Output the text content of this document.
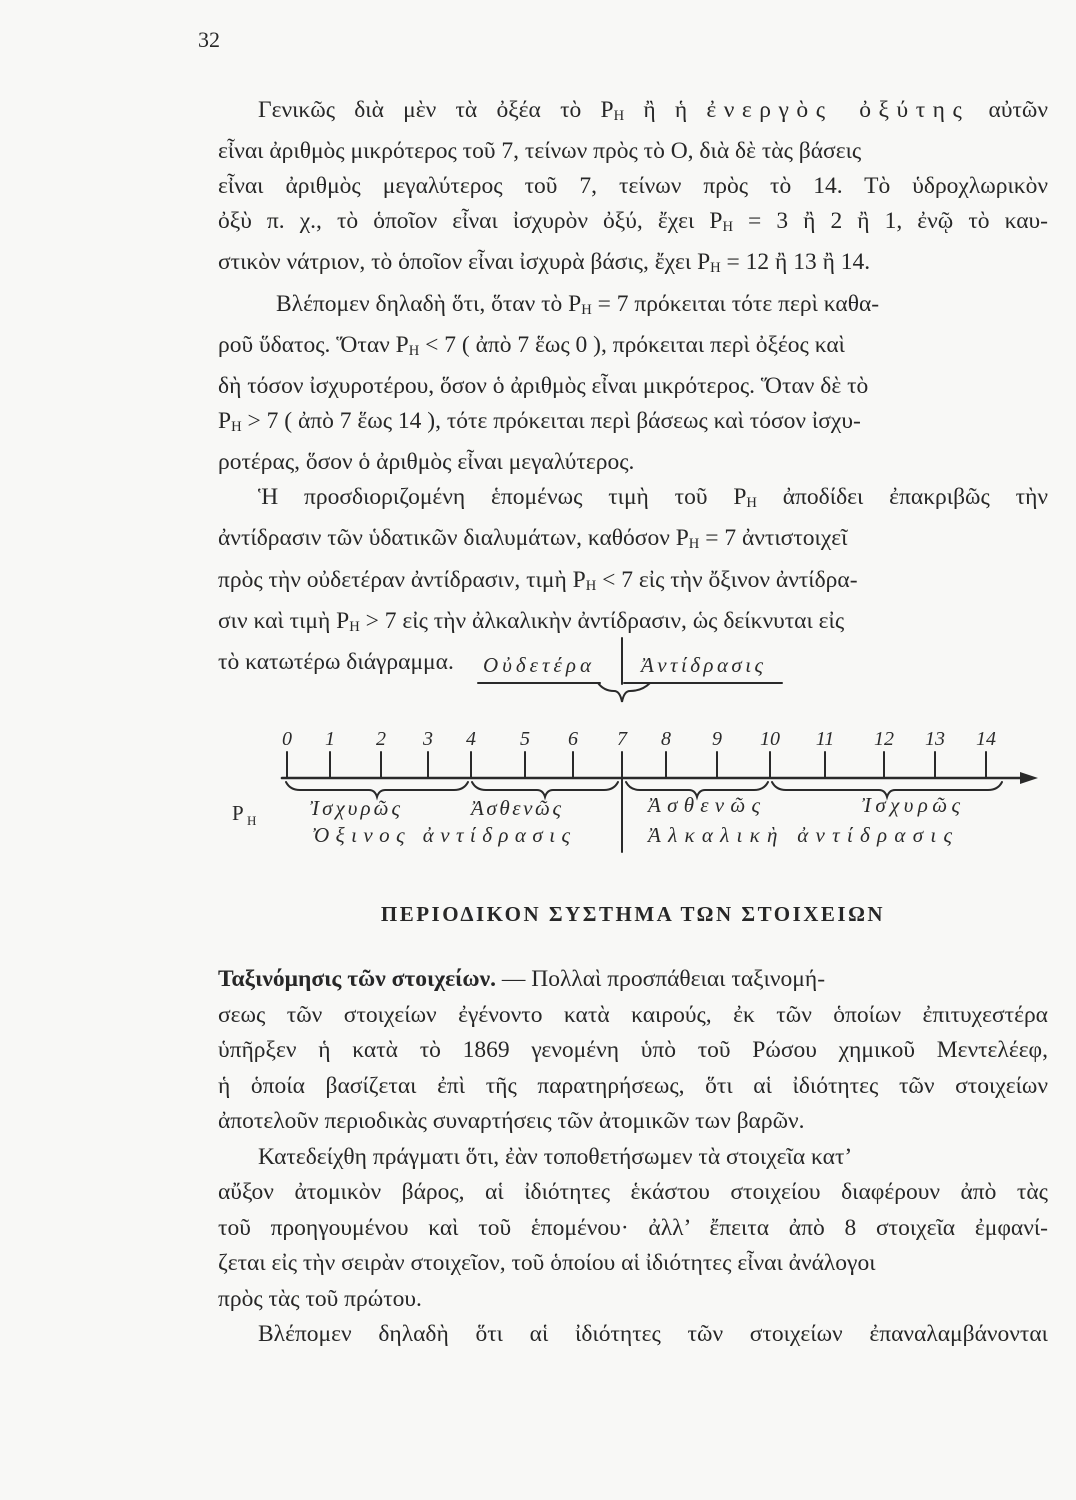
32
Γενικῶς διὰ μὲν τὰ ὀξέα τὸ $P_H$ ἢ ἡ ἐνεργὸς ὀξύτης αὐτῶν
εἶναι ἀριθμὸς μικρότερος τοῦ 7, τείνων πρὸς τὸ Ο, διὰ δὲ τὰς βάσεις
εἶναι ἀριθμὸς μεγαλύτερος τοῦ 7, τείνων πρὸς τὸ 14. Τὸ ὑδροχλωρικὸν
ὀξὺ π. χ., τὸ ὁποῖον εἶναι ἰσχυρὸν ὀξύ, ἔχει $P_H = 3$ ἢ 2 ἢ 1, ἐνῷ τὸ καυ-
στικὸν νάτριον, τὸ ὁποῖον εἶναι ἰσχυρὰ βάσις, ἔχει $P_H = 12$ ἢ 13 ἢ 14.
Βλέπομεν δηλαδὴ ὅτι, ὅταν τὸ $P_H = 7$ πρόκειται τότε περὶ καθα-
ροῦ ὕδατος. Ὅταν $P_H < 7$ ( ἀπὸ 7 ἕως 0 ), πρόκειται περὶ ὀξέος καὶ
δὴ τόσον ἰσχυροτέρου, ὅσον ὁ ἀριθμὸς εἶναι μικρότερος. Ὅταν δὲ τὸ
$P_H > 7$ ( ἀπὸ 7 ἕως 14 ), τότε πρόκειται περὶ βάσεως καὶ τόσον ἰσχυ-
ροτέρας, ὅσον ὁ ἀριθμὸς εἶναι μεγαλύτερος.
Ἡ προσδιοριζομένη ἑπομένως τιμὴ τοῦ $P_H$ ἀποδίδει ἐπακριβῶς τὴν
ἀντίδρασιν τῶν ὑδατικῶν διαλυμάτων, καθόσον $P_H = 7$ ἀντιστοιχεῖ
πρὸς τὴν οὐδετέραν ἀντίδρασιν, τιμὴ $P_H < 7$ εἰς τὴν ὄξινον ἀντίδρα-
σιν καὶ τιμὴ $P_H > 7$ εἰς τὴν ἀλκαλικὴν ἀντίδρασιν, ὡς δείκνυται εἰς
τὸ κατωτέρω διάγραμμα.	Οὐδετέρα Ἀντίδρασις
0 1 2 3 4 5 6 7 8 9 10 11 12 13 14
P H
Ἰσχυρῶς	Ἀσθενῶς	Ἀσθενῶς	Ἰσχυρῶς
Ὀξινος ἀντίδρασις	Ἀλκαλικὴ ἀντίδρασις
ΠΕΡΙΟΔΙΚΟΝ ΣΥΣΤΗΜΑ ΤΩΝ ΣΤΟΙΧΕΙΩΝ
Ταξινόμησις τῶν στοιχείων. — Πολλαὶ προσπάθειαι ταξινομή-
σεως τῶν στοιχείων ἐγένοντο κατὰ καιρούς, ἐκ τῶν ὁποίων ἐπιτυχεστέρα
ὑπῆρξεν ἡ κατὰ τὸ 1869 γενομένη ὑπὸ τοῦ Ρώσου χημικοῦ Μεντελέεφ,
ἡ ὁποία βασίζεται ἐπὶ τῆς παρατηρήσεως, ὅτι αἱ ἰδιότητες τῶν στοιχείων
ἀποτελοῦν περιοδικὰς συναρτήσεις τῶν ἀτομικῶν των βαρῶν.
Κατεδείχθη πράγματι ὅτι, ἐὰν τοποθετήσωμεν τὰ στοιχεῖα κατ’
αὔξον ἀτομικὸν βάρος, αἱ ἰδιότητες ἑκάστου στοιχείου διαφέρουν ἀπὸ τὰς
τοῦ προηγουμένου καὶ τοῦ ἑπομένου· ἀλλ’ ἔπειτα ἀπὸ 8 στοιχεῖα ἐμφανί-
ζεται εἰς τὴν σειρὰν στοιχεῖον, τοῦ ὁποίου αἱ ἰδιότητες εἶναι ἀνάλογοι
πρὸς τὰς τοῦ πρώτου.
Βλέπομεν δηλαδὴ ὅτι αἱ ἰδιότητες τῶν στοιχείων ἐπαναλαμβάνονται
